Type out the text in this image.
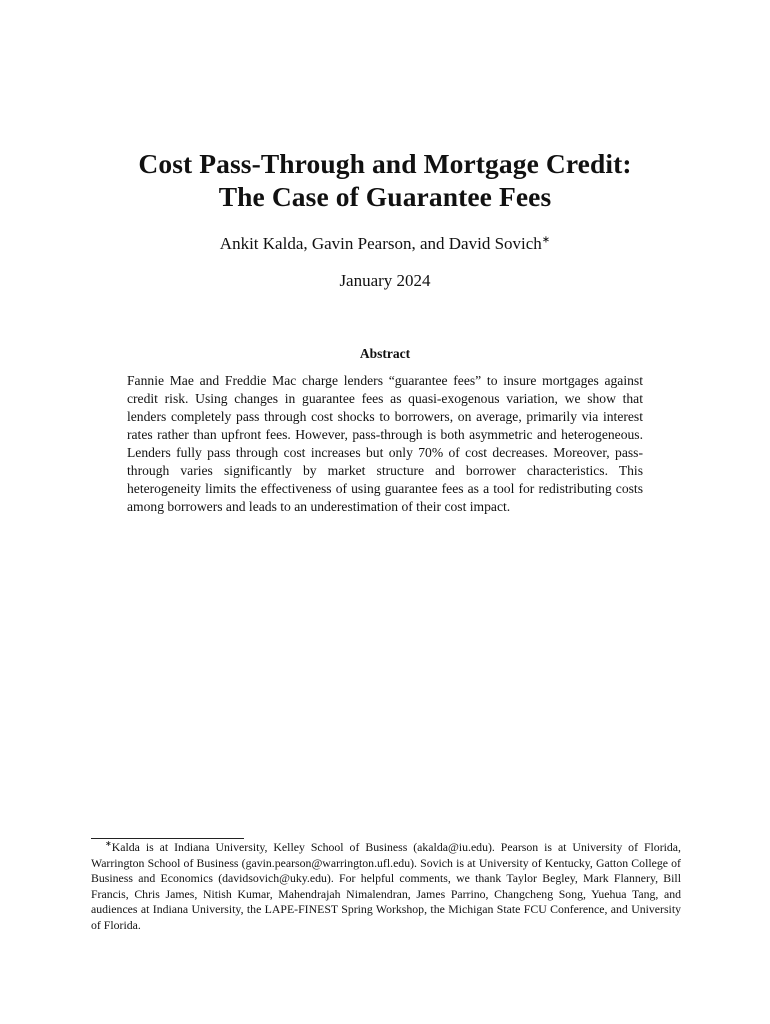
Cost Pass-Through and Mortgage Credit:
The Case of Guarantee Fees
Ankit Kalda, Gavin Pearson, and David Sovich∗
January 2024
Abstract

Fannie Mae and Freddie Mac charge lenders “guarantee fees” to insure mortgages against credit risk. Using changes in guarantee fees as quasi-exogenous variation, we show that lenders completely pass through cost shocks to borrowers, on average, primarily via interest rates rather than upfront fees. However, pass-through is both asymmetric and heterogeneous. Lenders fully pass through cost increases but only 70% of cost decreases. Moreover, pass-through varies significantly by market structure and borrower characteristics. This heterogeneity limits the effectiveness of using guarantee fees as a tool for redistributing costs among borrowers and leads to an underestimation of their cost impact.

∗Kalda is at Indiana University, Kelley School of Business (akalda@iu.edu). Pearson is at University of Florida, Warrington School of Business (gavin.pearson@warrington.ufl.edu). Sovich is at University of Kentucky, Gatton College of Business and Economics (davidsovich@uky.edu). For helpful comments, we thank Taylor Begley, Mark Flannery, Bill Francis, Chris James, Nitish Kumar, Mahendrajah Nimalendran, James Parrino, Changcheng Song, Yuehua Tang, and audiences at Indiana University, the LAPE-FINEST Spring Workshop, the Michigan State FCU Conference, and University of Florida.
